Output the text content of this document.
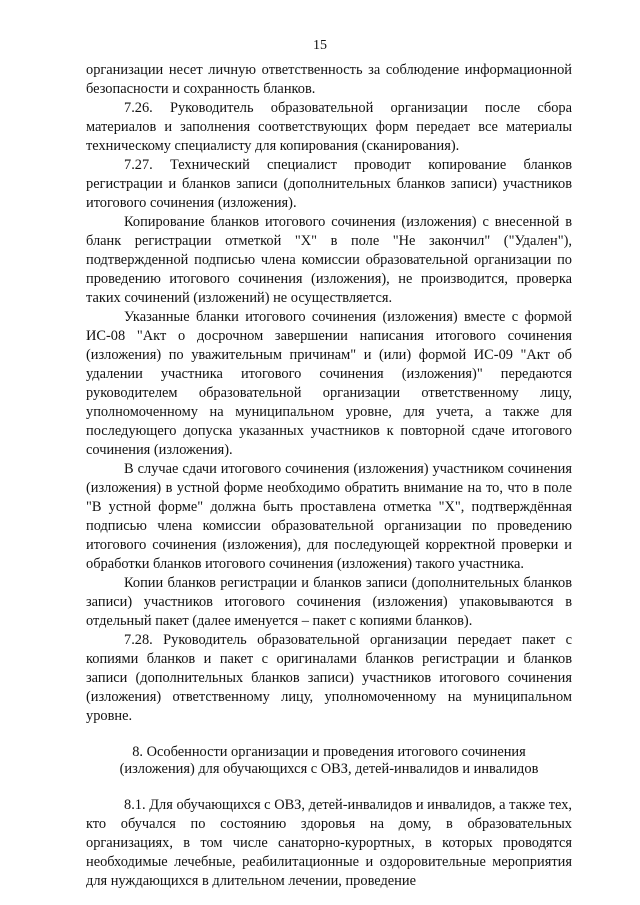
15

организации несет личную ответственность за соблюдение информационной безопасности и сохранность бланков.

7.26. Руководитель образовательной организации после сбора материалов и заполнения соответствующих форм передает все материалы техническому специалисту для копирования (сканирования).

7.27. Технический специалист проводит копирование бланков регистрации и бланков записи (дополнительных бланков записи) участников итогового сочинения (изложения).

Копирование бланков итогового сочинения (изложения) с внесенной в бланк регистрации отметкой "X" в поле "Не закончил" ("Удален"), подтвержденной подписью члена комиссии образовательной организации по проведению итогового сочинения (изложения), не производится, проверка таких сочинений (изложений) не осуществляется.

Указанные бланки итогового сочинения (изложения) вместе с формой ИС-08 "Акт о досрочном завершении написания итогового сочинения (изложения) по уважительным причинам" и (или) формой ИС-09 "Акт об удалении участника итогового сочинения (изложения)" передаются руководителем образовательной организации ответственному лицу, уполномоченному на муниципальном уровне, для учета, а также для последующего допуска указанных участников к повторной сдаче итогового сочинения (изложения).

В случае сдачи итогового сочинения (изложения) участником сочинения (изложения) в устной форме необходимо обратить внимание на то, что в поле "В устной форме" должна быть проставлена отметка "X", подтверждённая подписью члена комиссии образовательной организации по проведению итогового сочинения (изложения), для последующей корректной проверки и обработки бланков итогового сочинения (изложения) такого участника.

Копии бланков регистрации и бланков записи (дополнительных бланков записи) участников итогового сочинения (изложения) упаковываются в отдельный пакет (далее именуется – пакет с копиями бланков).

7.28. Руководитель образовательной организации передает пакет с копиями бланков и пакет с оригиналами бланков регистрации и бланков записи (дополнительных бланков записи) участников итогового сочинения (изложения) ответственному лицу, уполномоченному на муниципальном уровне.

8. Особенности организации и проведения итогового сочинения
(изложения) для обучающихся с ОВЗ, детей-инвалидов и инвалидов

8.1. Для обучающихся с ОВЗ, детей-инвалидов и инвалидов, а также тех, кто обучался по состоянию здоровья на дому, в образовательных организациях, в том числе санаторно-курортных, в которых проводятся необходимые лечебные, реабилитационные и оздоровительные мероприятия для нуждающихся в длительном лечении, проведение
